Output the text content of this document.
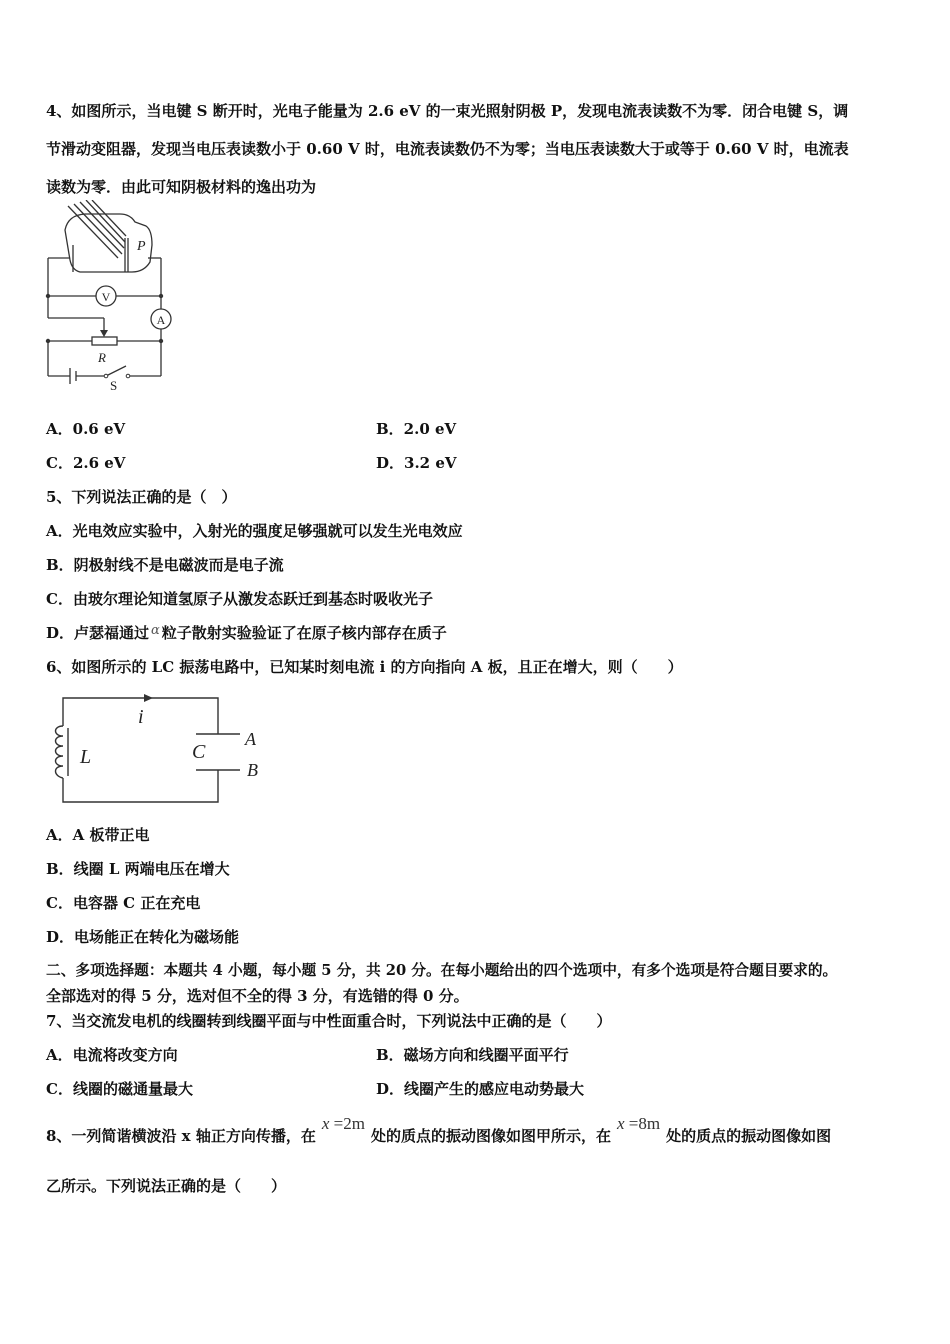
4、如图所示，当电键 S 断开时，光电子能量为 2.6 eV 的一束光照射阴极 P，发现电流表读数不为零．闭合电键 S，调
节滑动变阻器，发现当电压表读数小于 0.60 V 时，电流表读数仍不为零；当电压表读数大于或等于 0.60 V 时，电流表
读数为零．由此可知阴极材料的逸出功为
P
V
A
R
S
A．0.6 eV	B．2.0 eV
C．2.6 eV	D．3.2 eV
5、下列说法正确的是（　）
A．光电效应实验中，入射光的强度足够强就可以发生光电效应
B．阴极射线不是电磁波而是电子流
C．由玻尔理论知道氢原子从激发态跃迁到基态时吸收光子
D．卢瑟福通过 α 粒子散射实验验证了在原子核内部存在质子
6、如图所示的 LC 振荡电路中，已知某时刻电流 i 的方向指向 A 板，且正在增大，则（　　）
i
L	C
A
B
A．A 板带正电
B．线圈 L 两端电压在增大
C．电容器 C 正在充电
D．电场能正在转化为磁场能
二、多项选择题：本题共 4 小题，每小题 5 分，共 20 分。在每小题给出的四个选项中，有多个选项是符合题目要求的。
全部选对的得 5 分，选对但不全的得 3 分，有选错的得 0 分。
7、当交流发电机的线圈转到线圈平面与中性面重合时，下列说法中正确的是（　　）
A．电流将改变方向	B．磁场方向和线圈平面平行
C．线圈的磁通量最大	D．线圈产生的感应电动势最大
8、一列简谐横波沿 x 轴正方向传播，在x =2m处的质点的振动图像如图甲所示，在x =8m处的质点的振动图像如图
乙所示。下列说法正确的是（　　）
